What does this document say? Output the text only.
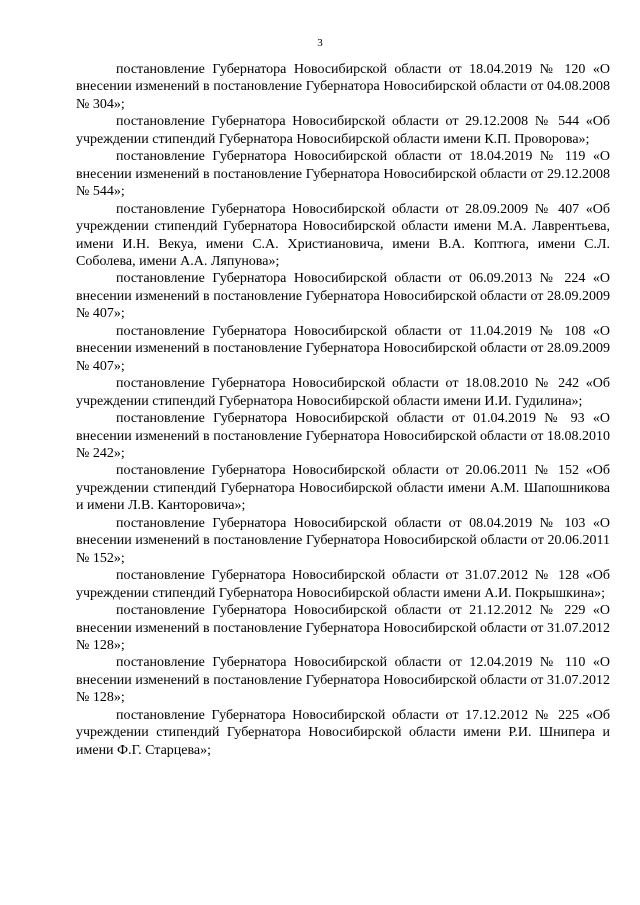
3

постановление Губернатора Новосибирской области от 18.04.2019 № 120 «О внесении изменений в постановление Губернатора Новосибирской области от 04.08.2008 № 304»;

постановление Губернатора Новосибирской области от 29.12.2008 № 544 «Об учреждении стипендий Губернатора Новосибирской области имени К.П. Проворова»;

постановление Губернатора Новосибирской области от 18.04.2019 № 119 «О внесении изменений в постановление Губернатора Новосибирской области от 29.12.2008 № 544»;

постановление Губернатора Новосибирской области от 28.09.2009 № 407 «Об учреждении стипендий Губернатора Новосибирской области имени М.А. Лаврентьева, имени И.Н. Векуа, имени С.А. Христиановича, имени В.А. Коптюга, имени С.Л. Соболева, имени А.А. Ляпунова»;

постановление Губернатора Новосибирской области от 06.09.2013 № 224 «О внесении изменений в постановление Губернатора Новосибирской области от 28.09.2009 № 407»;

постановление Губернатора Новосибирской области от 11.04.2019 № 108 «О внесении изменений в постановление Губернатора Новосибирской области от 28.09.2009 № 407»;

постановление Губернатора Новосибирской области от 18.08.2010 № 242 «Об учреждении стипендий Губернатора Новосибирской области имени И.И. Гудилина»;

постановление Губернатора Новосибирской области от 01.04.2019 № 93 «О внесении изменений в постановление Губернатора Новосибирской области от 18.08.2010 № 242»;

постановление Губернатора Новосибирской области от 20.06.2011 № 152 «Об учреждении стипендий Губернатора Новосибирской области имени А.М. Шапошникова и имени Л.В. Канторовича»;

постановление Губернатора Новосибирской области от 08.04.2019 № 103 «О внесении изменений в постановление Губернатора Новосибирской области от 20.06.2011 № 152»;

постановление Губернатора Новосибирской области от 31.07.2012 № 128 «Об учреждении стипендий Губернатора Новосибирской области имени А.И. Покрышкина»;

постановление Губернатора Новосибирской области от 21.12.2012 № 229 «О внесении изменений в постановление Губернатора Новосибирской области от 31.07.2012 № 128»;

постановление Губернатора Новосибирской области от 12.04.2019 № 110 «О внесении изменений в постановление Губернатора Новосибирской области от 31.07.2012 № 128»;

постановление Губернатора Новосибирской области от 17.12.2012 № 225 «Об учреждении стипендий Губернатора Новосибирской области имени Р.И. Шнипера и имени Ф.Г. Старцева»;
